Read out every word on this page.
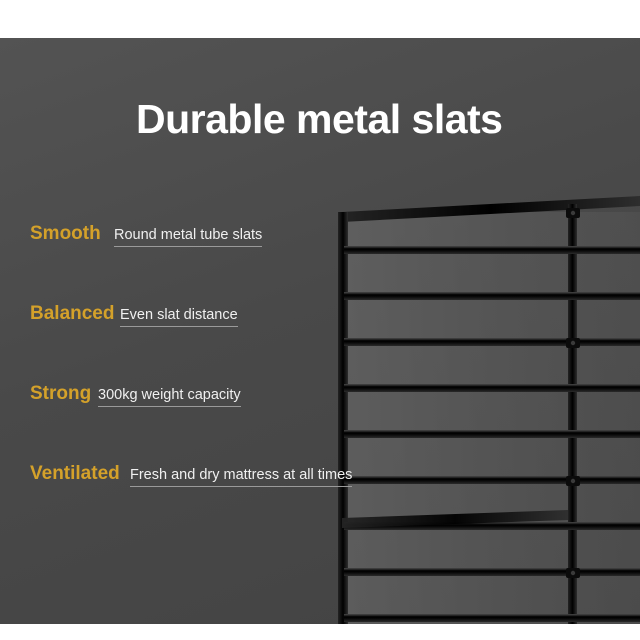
Durable metal slats
Smooth Round metal tube slats
Balanced Even slat distance
Strong 300kg weight capacity
Ventilated Fresh and dry mattress at all times
